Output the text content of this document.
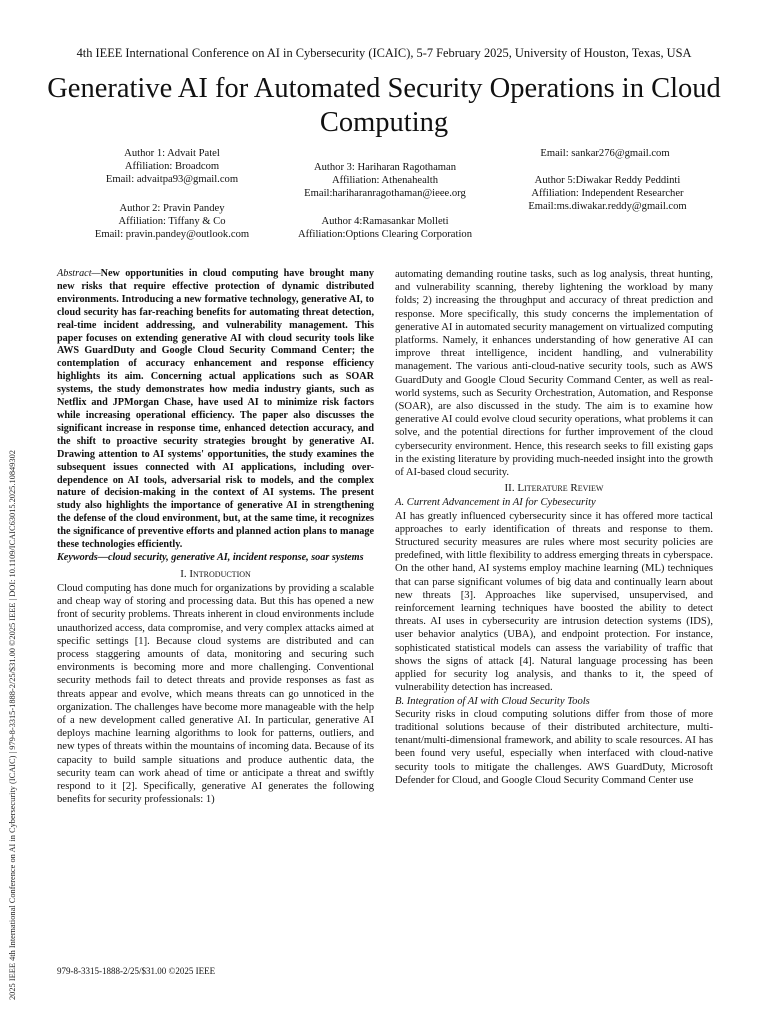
2025 IEEE 4th International Conference on AI in Cybersecurity (ICAIC) | 979-8-3315-1888-2/25/$31.00 ©2025 IEEE | DOI: 10.1109/ICAIC63015.2025.10849302
4th IEEE International Conference on AI in Cybersecurity (ICAIC), 5-7 February 2025, University of Houston, Texas, USA
Generative AI for Automated Security Operations in Cloud Computing
Author 1: Advait Patel
Affiliation: Broadcom
Email: advaitpa93@gmail.com
Author 2: Pravin Pandey
Affiliation: Tiffany & Co
Email: pravin.pandey@outlook.com
Author 3: Hariharan Ragothaman
Affiliation: Athenahealth
Email:hariharanragothaman@ieee.org
Author 4:Ramasankar Molleti
Affiliation:Options Clearing Corporation
Email: sankar276@gmail.com
Author 5:Diwakar Reddy Peddinti
Affiliation: Independent Researcher
Email:ms.diwakar.reddy@gmail.com

Abstract—New opportunities in cloud computing have brought many new risks that require effective protection of dynamic distributed environments. Introducing a new formative technology, generative AI, to cloud security has far-reaching benefits for automating threat detection, real-time incident addressing, and vulnerability management. This paper focuses on extending generative AI with cloud security tools like AWS GuardDuty and Google Cloud Security Command Center; the contemplation of accuracy enhancement and response efficiency highlights its aim. Concerning actual applications such as SOAR systems, the study demonstrates how media industry giants, such as Netflix and JPMorgan Chase, have used AI to minimize risk factors while increasing operational efficiency. The paper also discusses the significant increase in response time, enhanced detection accuracy, and the shift to proactive security strategies brought by generative AI. Drawing attention to AI systems' opportunities, the study examines the subsequent issues connected with AI applications, including over-dependence on AI tools, adversarial risk to models, and the complex nature of decision-making in the context of AI systems. The present study also highlights the importance of generative AI in strengthening the defense of the cloud environment, but, at the same time, it recognizes the significance of preventive efforts and planned action plans to manage these technologies efficiently.

Keywords—cloud security, generative AI, incident response, soar systems

I. Introduction

Cloud computing has done much for organizations by providing a scalable and cheap way of storing and processing data. But this has opened a new front of security problems. Threats inherent in cloud environments include unauthorized access, data compromise, and very complex attacks aimed at specific settings [1]. Because cloud systems are distributed and can process staggering amounts of data, monitoring and securing such environments is becoming more and more challenging. Conventional security methods fail to detect threats and provide responses as fast as threats appear and evolve, which means threats can go unnoticed in the organization. The challenges have become more manageable with the help of a new development called generative AI. In particular, generative AI deploys machine learning algorithms to look for patterns, outliers, and new types of threats within the mountains of incoming data. Because of its capacity to build sample situations and produce authentic data, the security team can work ahead of time or anticipate a threat and swiftly respond to it [2]. Specifically, generative AI generates the following benefits for security professionals: 1)

automating demanding routine tasks, such as log analysis, threat hunting, and vulnerability scanning, thereby lightening the workload by many folds; 2) increasing the throughput and accuracy of threat prediction and response. More specifically, this study concerns the implementation of generative AI in automated security management on virtualized computing platforms. Namely, it enhances understanding of how generative AI can improve threat intelligence, incident handling, and vulnerability management. The various anti-cloud-native security tools, such as AWS GuardDuty and Google Cloud Security Command Center, as well as real-world systems, such as Security Orchestration, Automation, and Response (SOAR), are also discussed in the study. The aim is to examine how generative AI could evolve cloud security operations, what problems it can solve, and the potential directions for further improvement of the cloud cybersecurity environment. Hence, this research seeks to fill existing gaps in the existing literature by providing much-needed insight into the growth of AI-based cloud security.

II. Literature Review

A. Current Advancement in AI for Cybesecurity

AI has greatly influenced cybersecurity since it has offered more tactical approaches to early identification of threats and response to them. Structured security measures are rules where most security policies are predefined, with little flexibility to address emerging threats in cyberspace. On the other hand, AI systems employ machine learning (ML) techniques that can parse significant volumes of big data and continually learn about new threats [3]. Approaches like supervised, unsupervised, and reinforcement learning techniques have boosted the ability to detect threats. AI uses in cybersecurity are intrusion detection systems (IDS), user behavior analytics (UBA), and endpoint protection. For instance, sophisticated statistical models can assess the variability of traffic that shows the signs of attack [4]. Natural language processing has been applied for security log analysis, and thanks to it, the speed of vulnerability detection has increased.

B. Integration of AI with Cloud Security Tools

Security risks in cloud computing solutions differ from those of more traditional solutions because of their distributed architecture, multi-tenant/multi-dimensional framework, and ability to scale resources. AI has been found very useful, especially when interfaced with cloud-native security tools to mitigate the challenges. AWS GuardDuty, Microsoft Defender for Cloud, and Google Cloud Security Command Center use

979-8-3315-1888-2/25/$31.00 ©2025 IEEE
